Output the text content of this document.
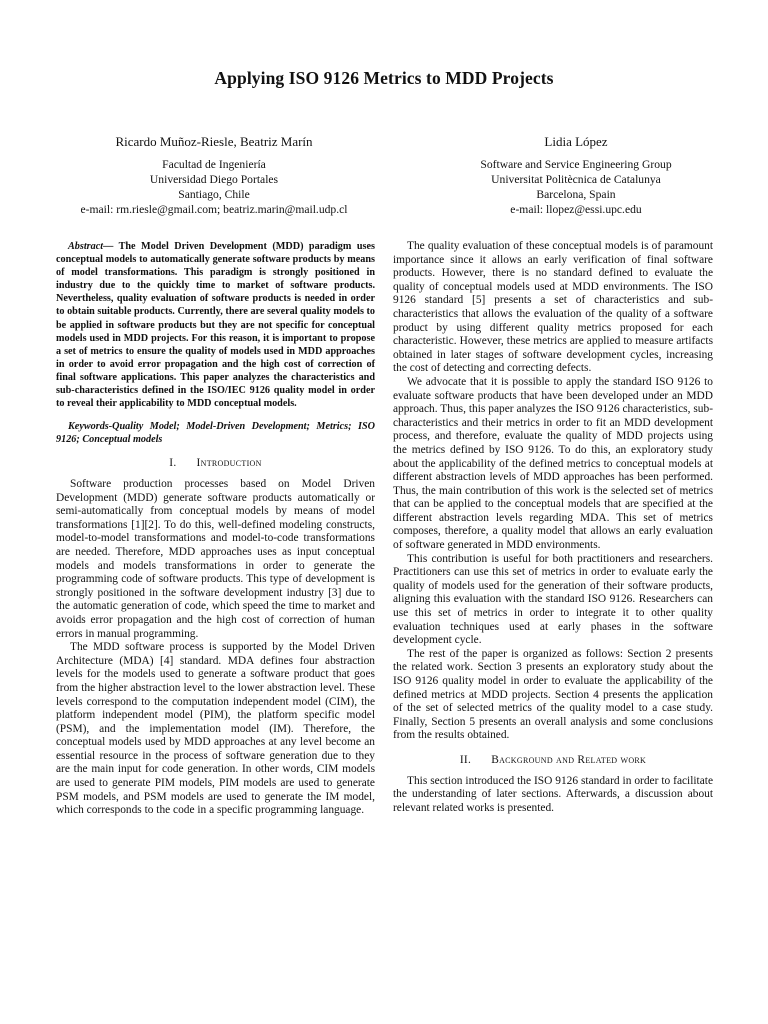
Applying ISO 9126 Metrics to MDD Projects
Ricardo Muñoz-Riesle, Beatriz Marín
Facultad de Ingeniería
Universidad Diego Portales
Santiago, Chile
e-mail: rm.riesle@gmail.com; beatriz.marin@mail.udp.cl
Lidia López
Software and Service Engineering Group
Universitat Politècnica de Catalunya
Barcelona, Spain
e-mail: llopez@essi.upc.edu
Abstract— The Model Driven Development (MDD) paradigm uses conceptual models to automatically generate software products by means of model transformations. This paradigm is strongly positioned in industry due to the quickly time to market of software products. Nevertheless, quality evaluation of software products is needed in order to obtain suitable products. Currently, there are several quality models to be applied in software products but they are not specific for conceptual models used in MDD projects. For this reason, it is important to propose a set of metrics to ensure the quality of models used in MDD approaches in order to avoid error propagation and the high cost of correction of final software applications. This paper analyzes the characteristics and sub-characteristics defined in the ISO/IEC 9126 quality model in order to reveal their applicability to MDD conceptual models.
Keywords-Quality Model; Model-Driven Development; Metrics; ISO 9126; Conceptual models
I. Introduction

Software production processes based on Model Driven Development (MDD) generate software products automatically or semi-automatically from conceptual models by means of model transformations [1][2]. To do this, well-defined modeling constructs, model-to-model transformations and model-to-code transformations are needed. Therefore, MDD approaches uses as input conceptual models and models transformations in order to generate the programming code of software products. This type of development is strongly positioned in the software development industry [3] due to the automatic generation of code, which speed the time to market and avoids error propagation and the high cost of correction of human errors in manual programming.

The MDD software process is supported by the Model Driven Architecture (MDA) [4] standard. MDA defines four abstraction levels for the models used to generate a software product that goes from the higher abstraction level to the lower abstraction level. These levels correspond to the computation independent model (CIM), the platform independent model (PIM), the platform specific model (PSM), and the implementation model (IM). Therefore, the conceptual models used by MDD approaches at any level become an essential resource in the process of software generation due to they are the main input for code generation. In other words, CIM models are used to generate PIM models, PIM models are used to generate PSM models, and PSM models are used to generate the IM model, which corresponds to the code in a specific programming language.

The quality evaluation of these conceptual models is of paramount importance since it allows an early verification of final software products. However, there is no standard defined to evaluate the quality of conceptual models used at MDD environments. The ISO 9126 standard [5] presents a set of characteristics and sub-characteristics that allows the evaluation of the quality of a software product by using different quality metrics proposed for each characteristic. However, these metrics are applied to measure artifacts obtained in later stages of software development cycles, increasing the cost of detecting and correcting defects.

We advocate that it is possible to apply the standard ISO 9126 to evaluate software products that have been developed under an MDD approach. Thus, this paper analyzes the ISO 9126 characteristics, sub-characteristics and their metrics in order to fit an MDD development process, and therefore, evaluate the quality of MDD projects using the metrics defined by ISO 9126. To do this, an exploratory study about the applicability of the defined metrics to conceptual models at different abstraction levels of MDD approaches has been performed. Thus, the main contribution of this work is the selected set of metrics that can be applied to the conceptual models that are specified at the different abstraction levels regarding MDA. This set of metrics composes, therefore, a quality model that allows an early evaluation of software generated in MDD environments.

This contribution is useful for both practitioners and researchers. Practitioners can use this set of metrics in order to evaluate early the quality of models used for the generation of their software products, aligning this evaluation with the standard ISO 9126. Researchers can use this set of metrics in order to integrate it to other quality evaluation techniques used at early phases in the software development cycle.

The rest of the paper is organized as follows: Section 2 presents the related work. Section 3 presents an exploratory study about the ISO 9126 quality model in order to evaluate the applicability of the defined metrics at MDD projects. Section 4 presents the application of the set of selected metrics of the quality model to a case study. Finally, Section 5 presents an overall analysis and some conclusions from the results obtained.

II. Background and Related work

This section introduced the ISO 9126 standard in order to facilitate the understanding of later sections. Afterwards, a discussion about relevant related works is presented.
